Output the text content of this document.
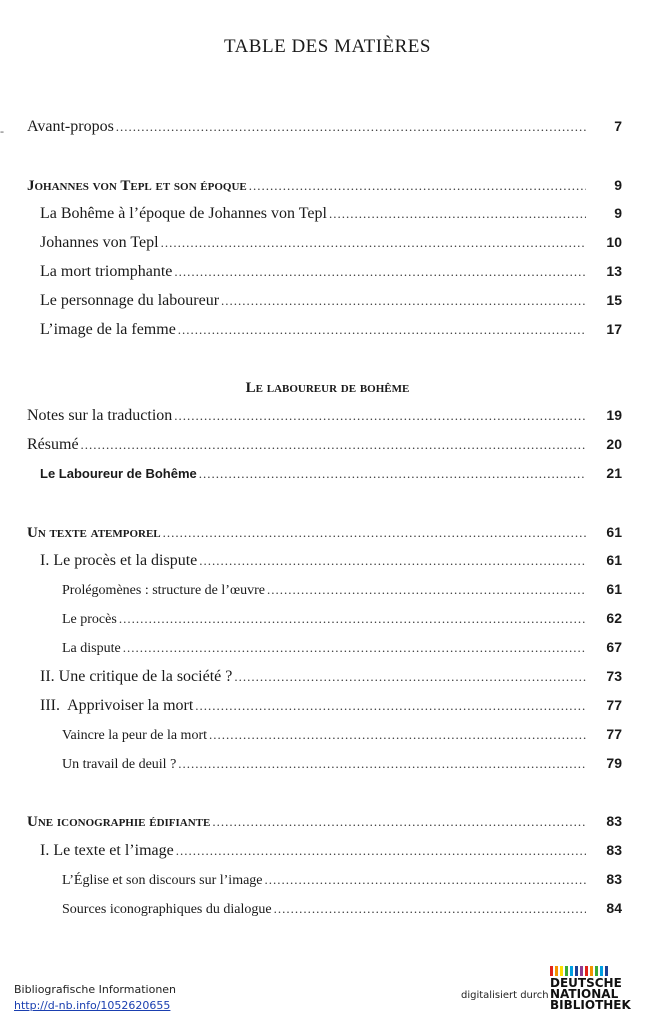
TABLE DES MATIÈRES
- Avant-propos .....	7
Johannes von Tepl et son époque .....	9
La Bohême à l’époque de Johannes von Tepl .....	9
Johannes von Tepl .....	10
La mort triomphante .....	13
Le personnage du laboureur .....	15
L’image de la femme .....	17
Le laboureur de bohême
Notes sur la traduction .....	19
Résumé .....	20
Le Laboureur de Bohême .....	21
Un texte atemporel .....	61
I. Le procès et la dispute .....	61
Prolégomènes : structure de l’œuvre .....	61
Le procès .....	62
La dispute .....	67
II. Une critique de la société ? .....	73
III.  Apprivoiser la mort .....	77
Vaincre la peur de la mort .....	77
Un travail de deuil ? .....	79
Une iconographie édifiante .....	83
I. Le texte et l’image .....	83
L’Église et son discours sur l’image .....	83
Sources iconographiques du dialogue .....	84
Bibliografische Informationen
http://d-nb.info/1052620655
digitalisiert durch
DEUTSCHE
NATIONAL
BIBLIOTHEK
